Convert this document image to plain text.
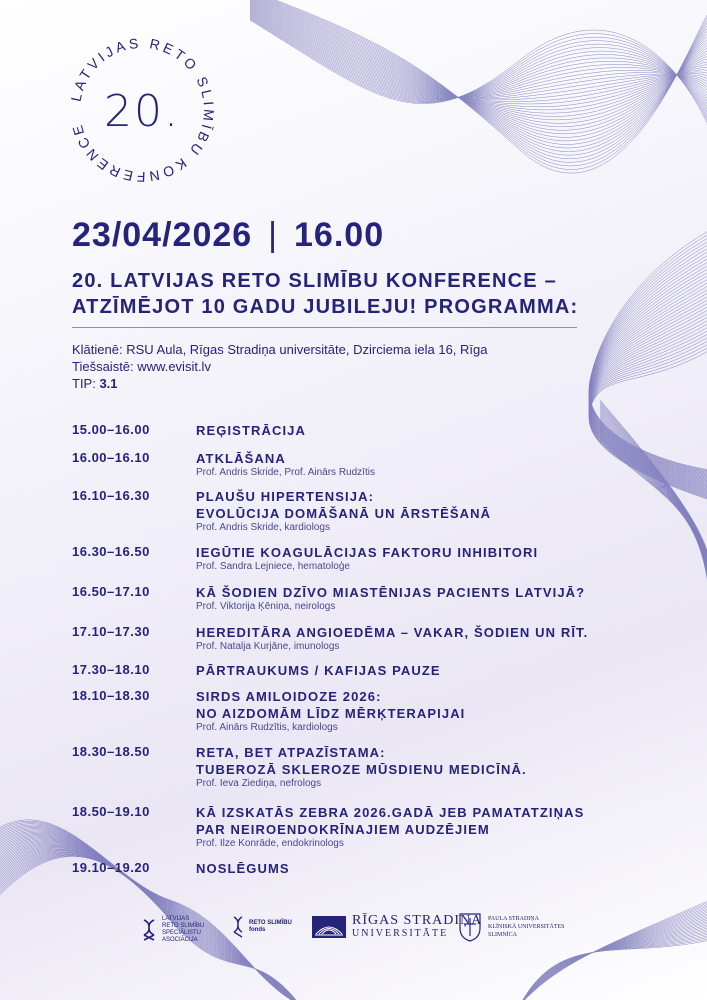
LATVIJAS RETO SLIMĪBU KONFERENCE 20.
23/04/2026 | 16.00
20. LATVIJAS RETO SLIMĪBU KONFERENCE –
ATZĪMĒJOT 10 GADU JUBILEJU! PROGRAMMA:
Klātienē: RSU Aula, Rīgas Stradiņa universitāte, Dzirciema iela 16, Rīga
Tiešsaistē: www.evisit.lv
TIP: 3.1
15.00–16.00	REĢISTRĀCIJA
16.00–16.10	ATKLĀŠANA
Prof. Andris Skride, Prof. Ainārs Rudzītis
16.10–16.30	PLAUŠU HIPERTENSIJA:
EVOLŪCIJA DOMĀŠANĀ UN ĀRSTĒŠANĀ
Prof. Andris Skride, kardiologs
16.30–16.50	IEGŪTIE KOAGULĀCIJAS FAKTORU INHIBITORI
Prof. Sandra Lejniece, hematoloģe
16.50–17.10	KĀ ŠODIEN DZĪVO MIASTĒNIJAS PACIENTS LATVIJĀ?
Prof. Viktorija Ķēniņa, neirologs
17.10–17.30	HEREDITĀRA ANGIOEDĒMA – VAKAR, ŠODIEN UN RĪT.
Prof. Natalja Kurjāne, imunologs
17.30–18.10	PĀRTRAUKUMS / KAFIJAS PAUZE
18.10–18.30	SIRDS AMILOIDOZE 2026:
NO AIZDOMĀM LĪDZ MĒRĶTERAPIJAI
Prof. Ainārs Rudzītis, kardiologs
18.30–18.50	RETA, BET ATPAZĪSTAMA:
TUBEROZĀ SKLEROZE MŪSDIENU MEDICĪNĀ.
Prof. Ieva Ziediņa, nefrologs
18.50–19.10	KĀ IZSKATĀS ZEBRA 2026.GADĀ JEB PAMATATZIŅAS
PAR NEIROENDOKRĪNAJIEM AUDZĒJIEM
Prof. Ilze Konrāde, endokrinologs
19.10–19.20	NOSLĒGUMS
LATVIJAS
RETO SLIMĪBU
SPECIĀLISTU
ASOCIĀCIJA
RETO SLIMĪBU
fonds
RĪGAS STRADIŅA
UNIVERSITĀTE
PAULA STRADIŅA
KLĪNISKĀ UNIVERSITĀTES
SLIMNĪCA
